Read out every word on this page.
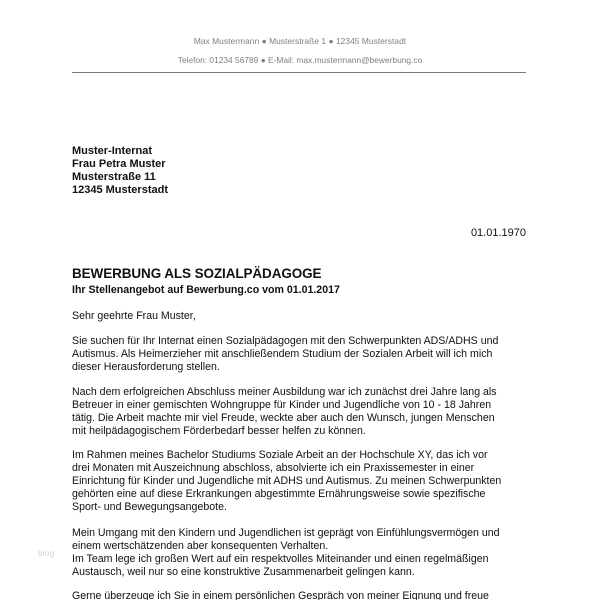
Max Mustermann ● Musterstraße 1 ● 12345 Musterstadt
Telefon: 01234 56789 ● E-Mail: max.mustermann@bewerbung.co
Muster-Internat
Frau Petra Muster
Musterstraße 11
12345 Musterstadt
01.01.1970
BEWERBUNG ALS SOZIALPÄDAGOGE
Ihr Stellenangebot auf Bewerbung.co vom 01.01.2017
Sehr geehrte Frau Muster,
Sie suchen für Ihr Internat einen Sozialpädagogen mit den Schwerpunkten ADS/ADHS und
Autismus. Als Heimerzieher mit anschließendem Studium der Sozialen Arbeit will ich mich
dieser Herausforderung stellen.
Nach dem erfolgreichen Abschluss meiner Ausbildung war ich zunächst drei Jahre lang als
Betreuer in einer gemischten Wohngruppe für Kinder und Jugendliche von 10 - 18 Jahren
tätig. Die Arbeit machte mir viel Freude, weckte aber auch den Wunsch, jungen Menschen
mit heilpädagogischem Förderbedarf besser helfen zu können.
Im Rahmen meines Bachelor Studiums Soziale Arbeit an der Hochschule XY, das ich vor
drei Monaten mit Auszeichnung abschloss, absolvierte ich ein Praxissemester in einer
Einrichtung für Kinder und Jugendliche mit ADHS und Autismus. Zu meinen Schwerpunkten
gehörten eine auf diese Erkrankungen abgestimmte Ernährungsweise sowie spezifische
Sport- und Bewegungsangebote.
Mein Umgang mit den Kindern und Jugendlichen ist geprägt von Einfühlungsvermögen und
einem wertschätzenden aber konsequenten Verhalten.
Im Team lege ich großen Wert auf ein respektvolles Miteinander und einen regelmäßigen
Austausch, weil nur so eine konstruktive Zusammenarbeit gelingen kann.
Gerne überzeuge ich Sie in einem persönlichen Gespräch von meiner Eignung und freue
blog
